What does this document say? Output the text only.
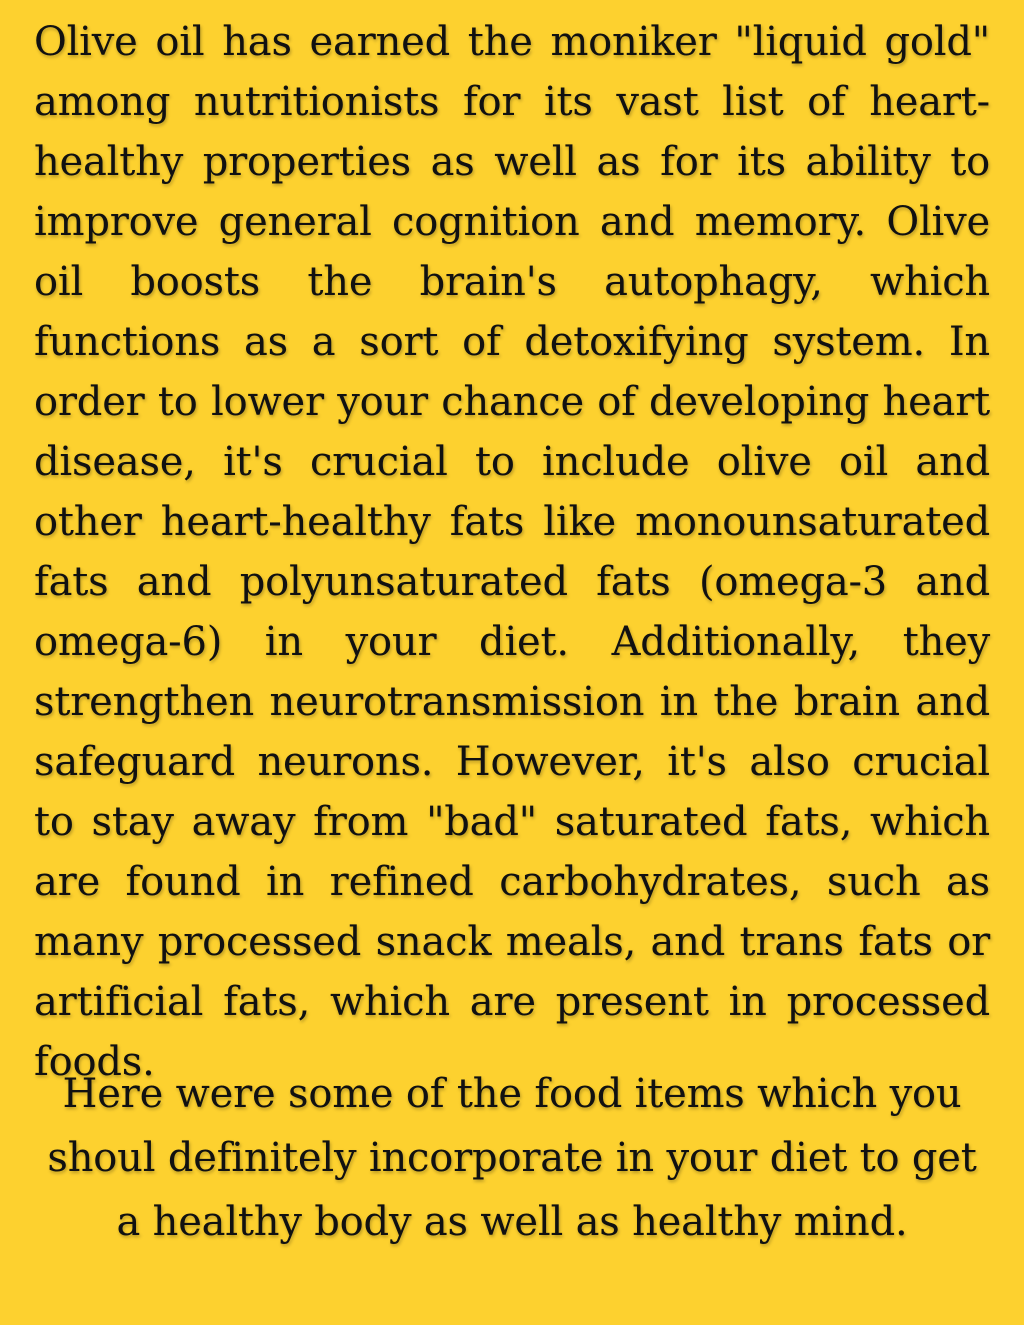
Olive oil has earned the moniker "liquid gold" among nutritionists for its vast list of heart-healthy properties as well as for its ability to improve general cognition and memory. Olive oil boosts the brain's autophagy, which functions as a sort of detoxifying system. In order to lower your chance of developing heart disease, it's crucial to include olive oil and other heart-healthy fats like monounsaturated fats and polyunsaturated fats (omega-3 and omega-6) in your diet. Additionally, they strengthen neurotransmission in the brain and safeguard neurons. However, it's also crucial to stay away from "bad" saturated fats, which are found in refined carbohydrates, such as many processed snack meals, and trans fats or artificial fats, which are present in processed foods.

Here were some of the food items which you shoul definitely incorporate in your diet to get a healthy body as well as healthy mind.
